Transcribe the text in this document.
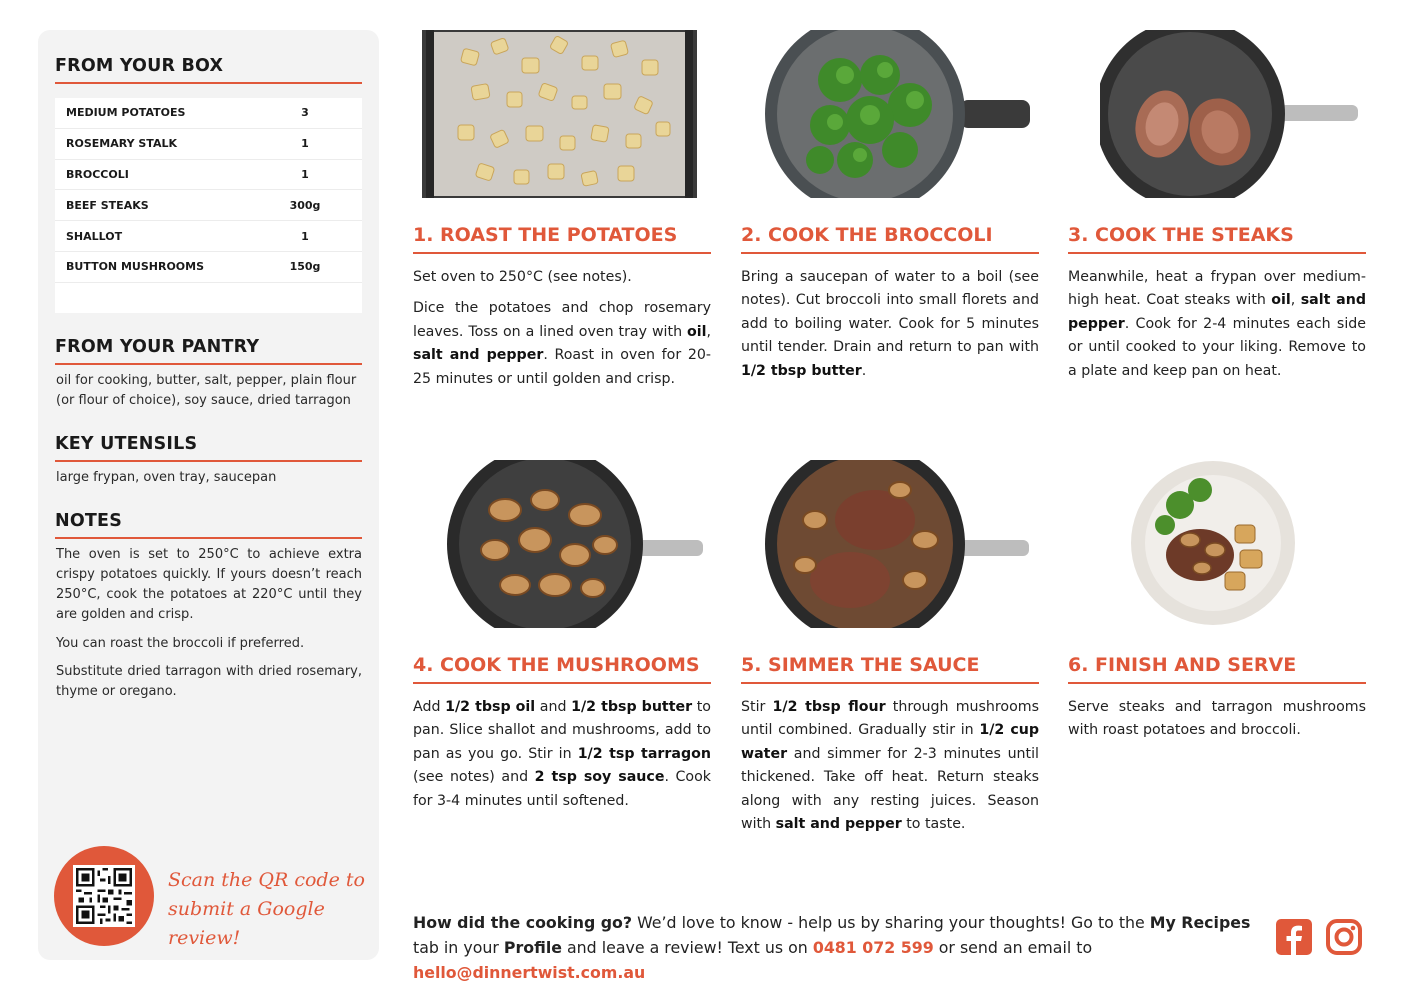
FROM YOUR BOX
MEDIUM POTATOES	3
ROSEMARY STALK	1
BROCCOLI	1
BEEF STEAKS	300g
SHALLOT	1
BUTTON MUSHROOMS	150g
FROM YOUR PANTRY
oil for cooking, butter, salt, pepper, plain flour (or flour of choice), soy sauce, dried tarragon
KEY UTENSILS
large frypan, oven tray, saucepan
NOTES
The oven is set to 250°C to achieve extra crispy potatoes quickly. If yours doesn’t reach 250°C, cook the potatoes at 220°C until they are golden and crisp.
You can roast the broccoli if preferred.
Substitute dried tarragon with dried rosemary, thyme or oregano.
Scan the QR code to
submit a Google review!
1. ROAST THE POTATOES

Set oven to 250°C (see notes).

Dice the potatoes and chop rosemary leaves. Toss on a lined oven tray with oil, salt and pepper. Roast in oven for 20-25 minutes or until golden and crisp.

2. COOK THE BROCCOLI

Bring a saucepan of water to a boil (see notes). Cut broccoli into small florets and add to boiling water. Cook for 5 minutes until tender. Drain and return to pan with 1/2 tbsp butter.

3. COOK THE STEAKS

Meanwhile, heat a frypan over medium-high heat. Coat steaks with oil, salt and pepper. Cook for 2-4 minutes each side or until cooked to your liking. Remove to a plate and keep pan on heat.

4. COOK THE MUSHROOMS

Add 1/2 tbsp oil and 1/2 tbsp butter to pan. Slice shallot and mushrooms, add to pan as you go. Stir in 1/2 tsp tarragon (see notes) and 2 tsp soy sauce. Cook for 3-4 minutes until softened.

5. SIMMER THE SAUCE

Stir 1/2 tbsp flour through mushrooms until combined. Gradually stir in 1/2 cup water and simmer for 2-3 minutes until thickened. Take off heat. Return steaks along with any resting juices. Season with salt and pepper to taste.

6. FINISH AND SERVE

Serve steaks and tarragon mushrooms with roast potatoes and broccoli.

How did the cooking go? We’d love to know - help us by sharing your thoughts! Go to the My Recipes tab in your Profile and leave a review! Text us on 0481 072 599 or send an email to hello@dinnertwist.com.au
